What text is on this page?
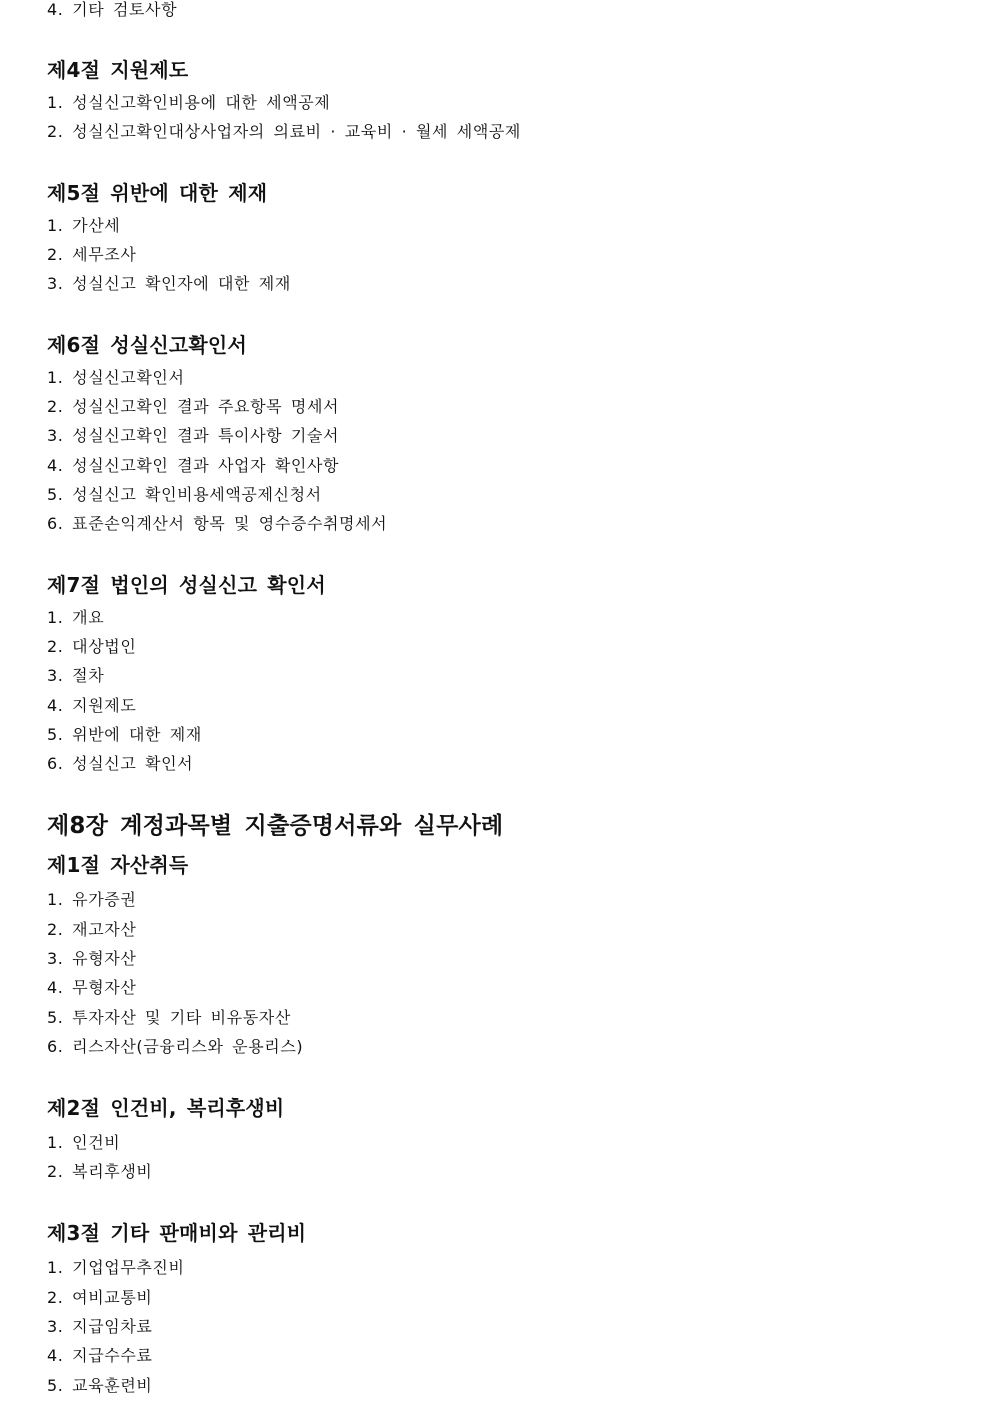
4. 기타 검토사항
제4절 지원제도
1. 성실신고확인비용에 대한 세액공제
2. 성실신고확인대상사업자의 의료비 · 교육비 · 월세 세액공제
제5절 위반에 대한 제재
1. 가산세
2. 세무조사
3. 성실신고 확인자에 대한 제재
제6절 성실신고확인서
1. 성실신고확인서
2. 성실신고확인 결과 주요항목 명세서
3. 성실신고확인 결과 특이사항 기술서
4. 성실신고확인 결과 사업자 확인사항
5. 성실신고 확인비용세액공제신청서
6. 표준손익계산서 항목 및 영수증수취명세서
제7절 법인의 성실신고 확인서
1. 개요
2. 대상법인
3. 절차
4. 지원제도
5. 위반에 대한 제재
6. 성실신고 확인서
제8장 계정과목별 지출증명서류와 실무사례
제1절 자산취득
1. 유가증권
2. 재고자산
3. 유형자산
4. 무형자산
5. 투자자산 및 기타 비유동자산
6. 리스자산(금융리스와 운용리스)
제2절 인건비, 복리후생비
1. 인건비
2. 복리후생비
제3절 기타 판매비와 관리비
1. 기업업무추진비
2. 여비교통비
3. 지급임차료
4. 지급수수료
5. 교육훈련비
